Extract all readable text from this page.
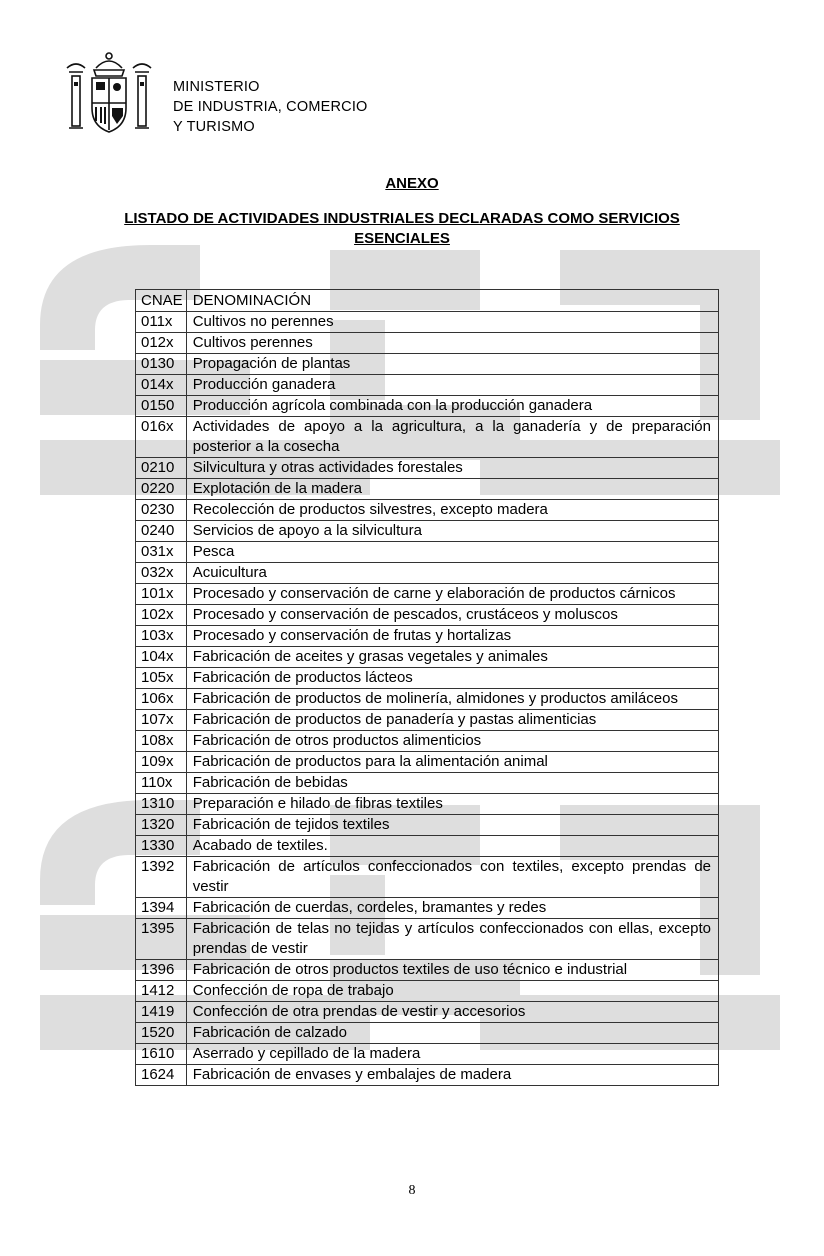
MINISTERIO
DE INDUSTRIA, COMERCIO
Y TURISMO
ANEXO
LISTADO DE ACTIVIDADES INDUSTRIALES DECLARADAS COMO SERVICIOS
ESENCIALES
CNAE	DENOMINACIÓN
011x	Cultivos no perennes
012x	Cultivos perennes
0130	Propagación de plantas
014x	Producción ganadera
0150	Producción agrícola combinada con la producción ganadera
016x	Actividades de apoyo a la agricultura, a la ganadería y de preparación posterior a la cosecha
0210	Silvicultura y otras actividades forestales
0220	Explotación de la madera
0230	Recolección de productos silvestres, excepto madera
0240	Servicios de apoyo a la silvicultura
031x	Pesca
032x	Acuicultura
101x	Procesado y conservación de carne y elaboración de productos cárnicos
102x	Procesado y conservación de pescados, crustáceos y moluscos
103x	Procesado y conservación de frutas y hortalizas
104x	Fabricación de aceites y grasas vegetales y animales
105x	Fabricación de productos lácteos
106x	Fabricación de productos de molinería, almidones y productos amiláceos
107x	Fabricación de productos de panadería y pastas alimenticias
108x	Fabricación de otros productos alimenticios
109x	Fabricación de productos para la alimentación animal
110x	Fabricación de bebidas
1310	Preparación e hilado de fibras textiles
1320	Fabricación de tejidos textiles
1330	Acabado de textiles.
1392	Fabricación de artículos confeccionados con textiles, excepto prendas de vestir
1394	Fabricación de cuerdas, cordeles, bramantes y redes
1395	Fabricación de telas no tejidas y artículos confeccionados con ellas, excepto prendas de vestir
1396	Fabricación de otros productos textiles de uso técnico e industrial
1412	Confección de ropa de trabajo
1419	Confección de otra prendas de vestir y accesorios
1520	Fabricación de calzado
1610	Aserrado y cepillado de la madera
1624	Fabricación de envases y embalajes de madera
8
